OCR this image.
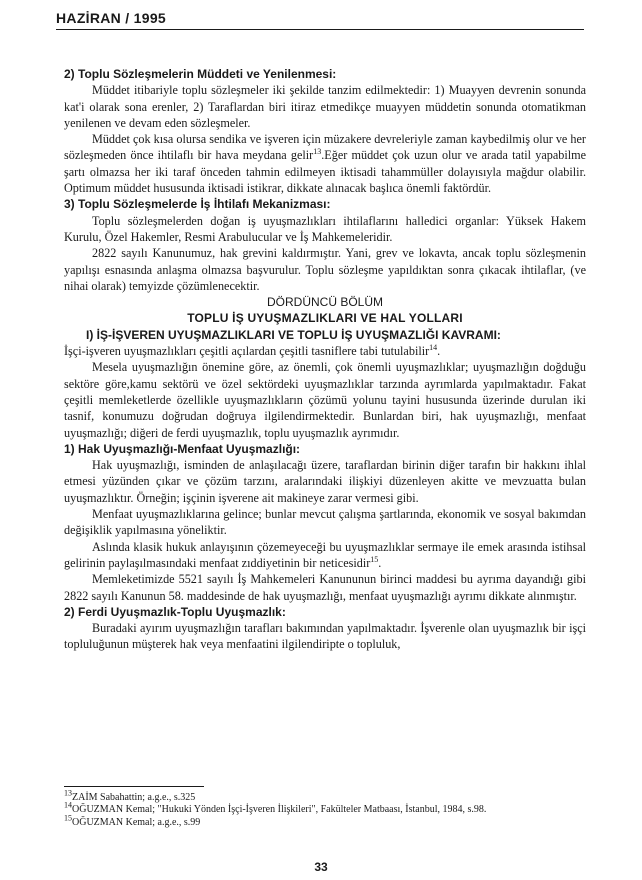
HAZİRAN / 1995

2) Toplu Sözleşmelerin Müddeti ve Yenilenmesi:

Müddet itibariyle toplu sözleşmeler iki şekilde tanzim edilmektedir: 1) Muayyen devrenin sonunda kat'i olarak sona erenler, 2) Taraflardan biri itiraz etmedikçe muayyen müddetin sonunda otomatikman yenilenen ve devam eden sözleşmeler.

Müddet çok kısa olursa sendika ve işveren için müzakere devreleriyle zaman kaybedilmiş olur ve her sözleşmeden önce ihtilaflı bir hava meydana gelir$^{13}$.Eğer müddet çok uzun olur ve arada tatil yapabilme şartı olmazsa her iki taraf önceden tahmin edilmeyen iktisadi tahammüller dolayısıyla mağdur olabilir. Optimum müddet hususunda iktisadi istikrar, dikkate alınacak başlıca önemli faktördür.

3) Toplu Sözleşmelerde İş İhtilafı Mekanizması:

Toplu sözleşmelerden doğan iş uyuşmazlıkları ihtilaflarını halledici organlar: Yüksek Hakem Kurulu, Özel Hakemler, Resmi Arabulucular ve İş Mahkemeleridir.

2822 sayılı Kanunumuz, hak grevini kaldırmıştır. Yani, grev ve lokavta, ancak toplu sözleşmenin yapılışı esnasında anlaşma olmazsa başvurulur. Toplu sözleşme yapıldıktan sonra çıkacak ihtilaflar, (ve nihai olarak) temyizde çözümlenecektir.

DÖRDÜNCÜ BÖLÜM

TOPLU İŞ UYUŞMAZLIKLARI VE HAL YOLLARI

I) İŞ-İŞVEREN UYUŞMAZLIKLARI VE TOPLU İŞ UYUŞMAZLIĞI KAVRAMI:

İşçi-işveren uyuşmazlıkları çeşitli açılardan çeşitli tasniflere tabi tutulabilir$^{14}$.

Mesela uyuşmazlığın önemine göre, az önemli, çok önemli uyuşmazlıklar; uyuşmazlığın doğduğu sektöre göre,kamu sektörü ve özel sektördeki uyuşmazlıklar tarzında ayrımlarda yapılmaktadır. Fakat çeşitli memleketlerde özellikle uyuşmazlıkların çözümü yolunu tayini hususunda üzerinde durulan iki tasnif, konumuzu doğrudan doğruya ilgilendirmektedir. Bunlardan biri, hak uyuşmazlığı, menfaat uyuşmazlığı; diğeri de ferdi uyuşmazlık, toplu uyuşmazlık ayrımıdır.

1) Hak Uyuşmazlığı-Menfaat Uyuşmazlığı:

Hak uyuşmazlığı, isminden de anlaşılacağı üzere, taraflardan birinin diğer tarafın bir hakkını ihlal etmesi yüzünden çıkar ve çözüm tarzını, aralarındaki ilişkiyi düzenleyen akitte ve mevzuatta bulan uyuşmazlıktır. Örneğin; işçinin işverene ait makineye zarar vermesi gibi.

Menfaat uyuşmazlıklarına gelince; bunlar mevcut çalışma şartlarında, ekonomik ve sosyal bakımdan değişiklik yapılmasına yöneliktir.

Aslında klasik hukuk anlayışının çözemeyeceği bu uyuşmazlıklar sermaye ile emek arasında istihsal gelirinin paylaşılmasındaki menfaat zıddiyetinin bir neticesidir$^{15}$.

Memleketimizde 5521 sayılı İş Mahkemeleri Kanununun birinci maddesi bu ayrıma dayandığı gibi 2822 sayılı Kanunun 58. maddesinde de hak uyuşmazlığı, menfaat uyuşmazlığı ayrımı dikkate alınmıştır.

2) Ferdi Uyuşmazlık-Toplu Uyuşmazlık:

Buradaki ayırım uyuşmazlığın tarafları bakımından yapılmaktadır. İşverenle olan uyuşmazlık bir işçi topluluğunun müşterek hak veya menfaatini ilgilendiripte o topluluk,

$^{13}$ZAİM Sabahattin; a.g.e., s.325

$^{14}$OĞUZMAN Kemal; "Hukuki Yönden İşçi-İşveren İlişkileri", Fakülteler Matbaası, İstanbul, 1984, s.98.

$^{15}$OĞUZMAN Kemal; a.g.e., s.99

33
